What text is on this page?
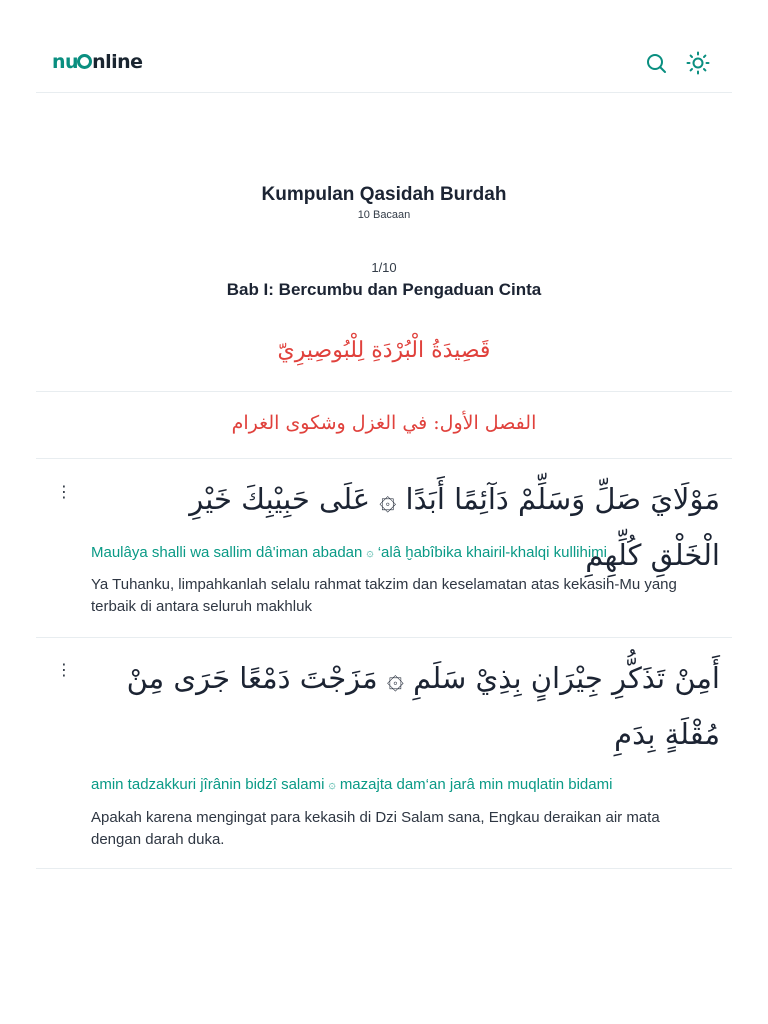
nu nline
Kumpulan Qasidah Burdah
10 Bacaan
1/10
Bab I: Bercumbu dan Pengaduan Cinta
قَصِيدَةُ الْبُرْدَةِ لِلْبُوصِيرِيّ
الفصل الأول: في الغزل وشكوى الغرام
⋮	مَوْلَايَ صَلِّ وَسَلِّمْ دَآئِمًا أَبَدًا ۞ عَلَى حَبِيْبِكَ خَيْرِ الْخَلْقِ كُلِّهِمِ
Maulâya shalli wa sallim dâ'iman abadan ۞ ‘alâ ḫabîbika khairil-khalqi kullihimi
Ya Tuhanku, limpahkanlah selalu rahmat takzim dan keselamatan atas kekasih-Mu yang terbaik di antara seluruh makhluk
⋮ أَمِنْ تَذَكُّرِ جِيْرَانٍ بِذِيْ سَلَمِ ۞ مَزَجْتَ دَمْعًا جَرَى مِنْ مُقْلَةٍ بِدَمِ
amin tadzakkuri jîrânin bidzî salami ۞ mazajta dam‘an jarâ min muqlatin bidami
Apakah karena mengingat para kekasih di Dzi Salam sana, Engkau deraikan air mata dengan darah duka.
